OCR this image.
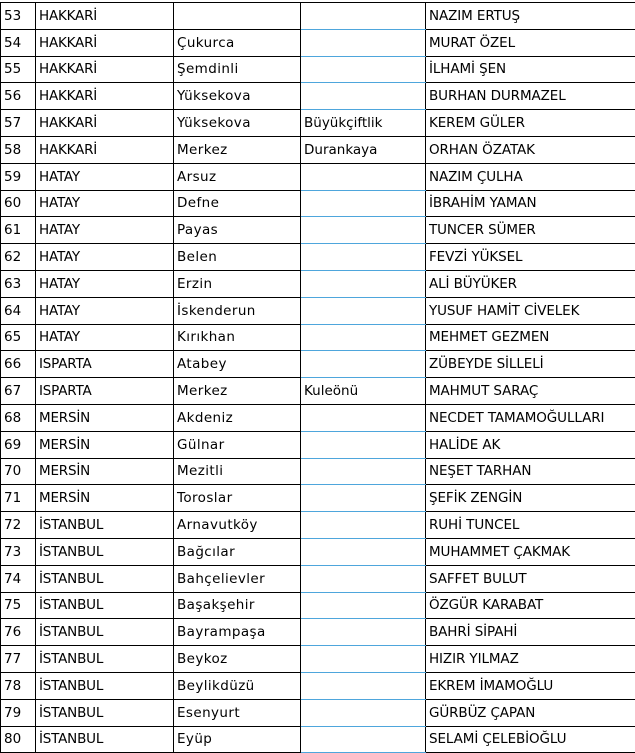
53	HAKKARİ			NAZIM ERTUŞ
54	HAKKARİ	Çukurca		MURAT ÖZEL
55	HAKKARİ	Şemdinli		İLHAMİ ŞEN
56	HAKKARİ	Yüksekova		BURHAN DURMAZEL
57	HAKKARİ	Yüksekova	Büyükçiftlik	KEREM GÜLER
58	HAKKARİ	Merkez	Durankaya	ORHAN ÖZATAK
59	HATAY	Arsuz		NAZIM ÇULHA
60	HATAY	Defne		İBRAHİM YAMAN
61	HATAY	Payas		TUNCER SÜMER
62	HATAY	Belen		FEVZİ YÜKSEL
63	HATAY	Erzin		ALİ BÜYÜKER
64	HATAY	İskenderun		YUSUF HAMİT CİVELEK
65	HATAY	Kırıkhan		MEHMET GEZMEN
66	ISPARTA	Atabey		ZÜBEYDE SİLLELİ
67	ISPARTA	Merkez	Kuleönü	MAHMUT SARAÇ
68	MERSİN	Akdeniz		NECDET TAMAMOĞULLARI
69	MERSİN	Gülnar		HALİDE AK
70	MERSİN	Mezitli		NEŞET TARHAN
71	MERSİN	Toroslar		ŞEFİK ZENGİN
72	İSTANBUL	Arnavutköy		RUHİ TUNCEL
73	İSTANBUL	Bağcılar		MUHAMMET ÇAKMAK
74	İSTANBUL	Bahçelievler		SAFFET BULUT
75	İSTANBUL	Başakşehir		ÖZGÜR KARABAT
76	İSTANBUL	Bayrampaşa		BAHRİ SİPAHİ
77	İSTANBUL	Beykoz		HIZIR YILMAZ
78	İSTANBUL	Beylikdüzü		EKREM İMAMOĞLU
79	İSTANBUL	Esenyurt		GÜRBÜZ ÇAPAN
80	İSTANBUL	Eyüp		SELAMİ ÇELEBİOĞLU
